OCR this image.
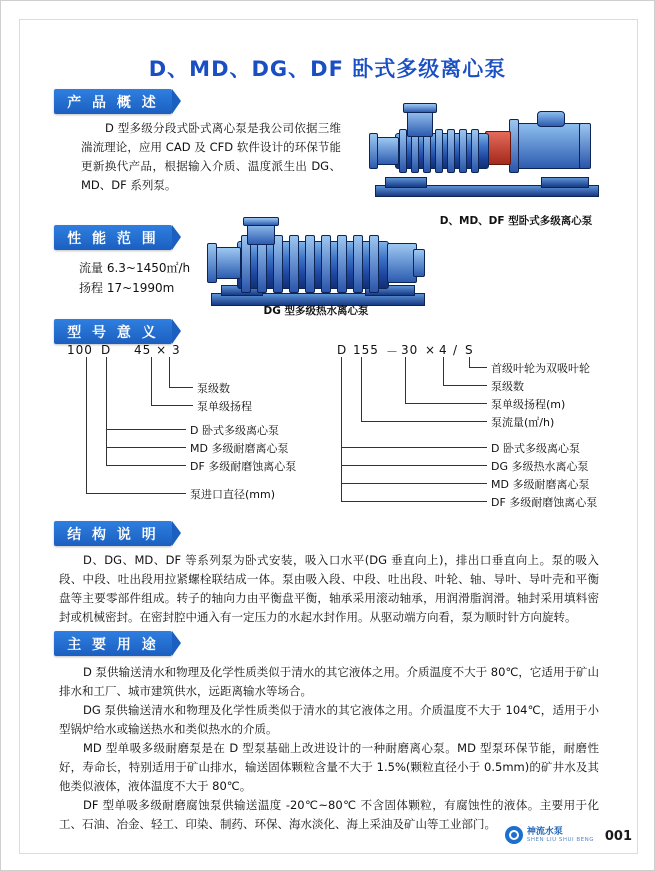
D、MD、DG、DF 卧式多级离心泵
产 品 概 述
D 型多级分段式卧式离心泵是我公司依据三维湍流理论，应用 CAD 及 CFD 软件设计的环保节能更新换代产品，根据输入介质、温度派生出 DG、MD、DF 系列泵。
D、MD、DF 型卧式多级离心泵
性 能 范 围
流量 6.3~1450㎡/h
扬程 17~1990m
DG 型多级热水离心泵
型 号 意 义
100 D 45 × 3
泵级数
泵单级扬程
D 卧式多级离心泵
MD 多级耐磨离心泵
DF 多级耐磨蚀离心泵
泵进口直径(mm)
D 155 － 30 × 4 / S
首级叶轮为双吸叶轮
泵级数
泵单级扬程(m)
泵流量(㎡/h)
D 卧式多级离心泵
DG 多级热水离心泵
MD 多级耐磨离心泵
DF 多级耐磨蚀离心泵
结 构 说 明
D、DG、MD、DF 等系列泵为卧式安装，吸入口水平(DG 垂直向上)，排出口垂直向上。泵的吸入段、中段、吐出段用拉紧螺栓联结成一体。泵由吸入段、中段、吐出段、叶轮、轴、导叶、导叶壳和平衡盘等主要零部件组成。转子的轴向力由平衡盘平衡，轴承采用滚动轴承，用润滑脂润滑。轴封采用填料密封或机械密封。在密封腔中通入有一定压力的水起水封作用。从驱动端方向看，泵为顺时针方向旋转。
主 要 用 途
D 泵供输送清水和物理及化学性质类似于清水的其它液体之用。介质温度不大于 80℃，它适用于矿山排水和工厂、城市建筑供水，远距离输水等场合。
DG 泵供输送清水和物理及化学性质类似于清水的其它液体之用。介质温度不大于 104℃，适用于小型锅炉给水或输送热水和类似热水的介质。
MD 型单吸多级耐磨泵是在 D 型泵基础上改进设计的一种耐磨离心泵。MD 型泵环保节能，耐磨性好，寿命长，特别适用于矿山排水，输送固体颗粒含量不大于 1.5%(颗粒直径小于 0.5mm)的矿井水及其他类似液体，液体温度不大于 80℃。
DF 型单吸多级耐磨腐蚀泵供输送温度 -20℃~80℃ 不含固体颗粒，有腐蚀性的液体。主要用于化工、石油、冶金、轻工、印染、制药、环保、海水淡化、海上采油及矿山等工业部门。
神流水泵
SHEN LIU SHUI BENG 001
